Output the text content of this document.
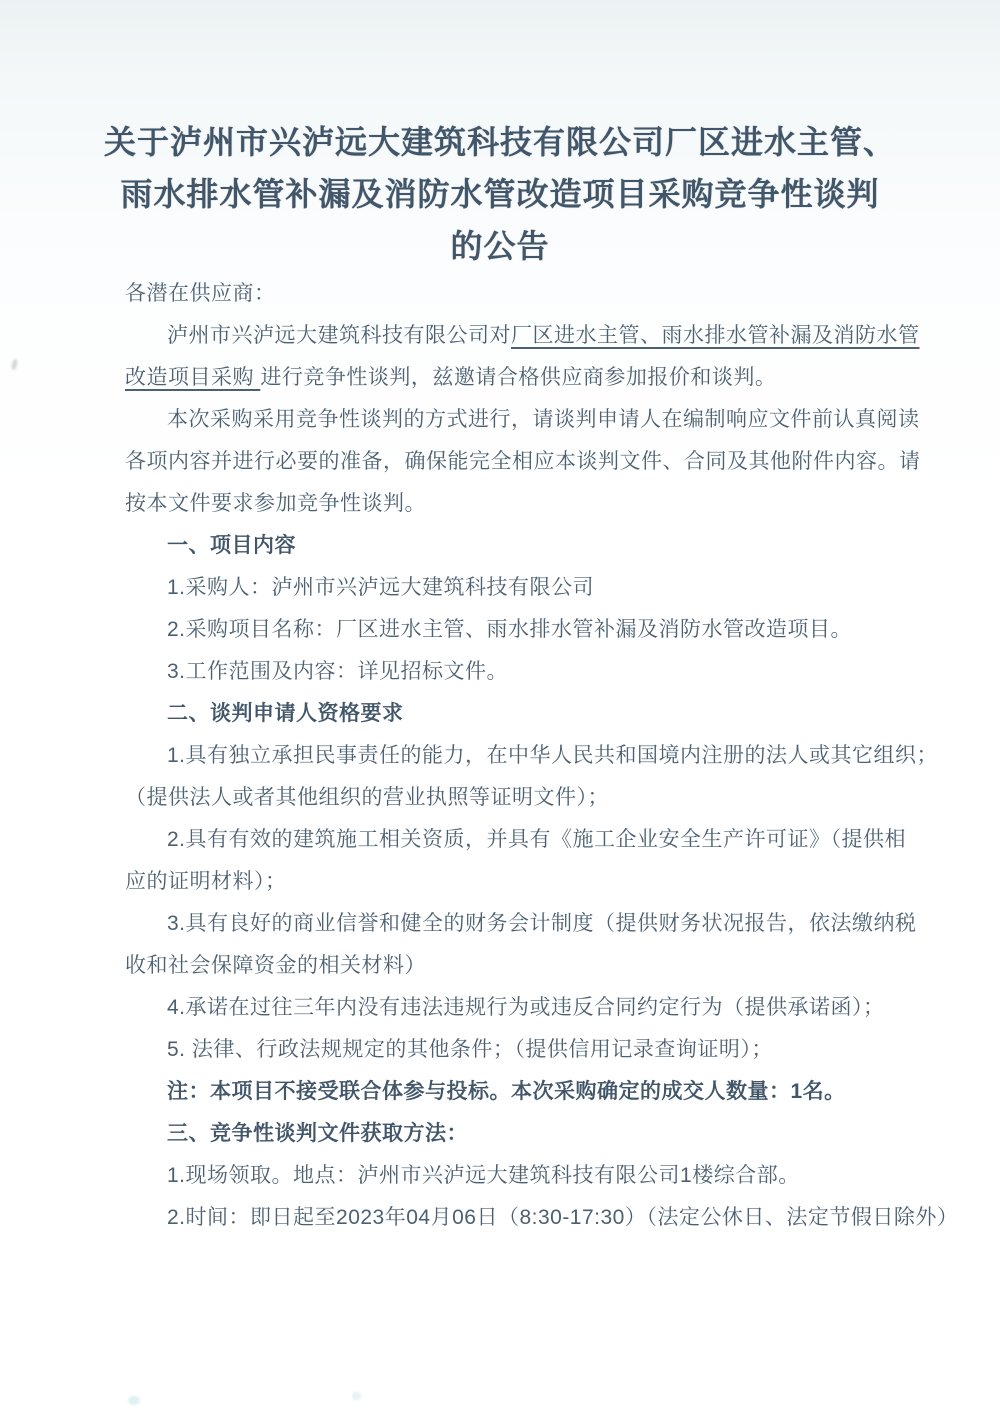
关于泸州市兴泸远大建筑科技有限公司厂区进水主管、
雨水排水管补漏及消防水管改造项目采购竞争性谈判
的公告
各潜在供应商：
泸州市兴泸远大建筑科技有限公司对厂区进水主管、雨水排水管补漏及消防水管
改造项目采购 进行竞争性谈判，兹邀请合格供应商参加报价和谈判。
本次采购采用竞争性谈判的方式进行，请谈判申请人在编制响应文件前认真阅读
各项内容并进行必要的准备，确保能完全相应本谈判文件、合同及其他附件内容。请
按本文件要求参加竞争性谈判。
一、项目内容
1.采购人：泸州市兴泸远大建筑科技有限公司
2.采购项目名称：厂区进水主管、雨水排水管补漏及消防水管改造项目。
3.工作范围及内容：详见招标文件。
二、谈判申请人资格要求
1.具有独立承担民事责任的能力，在中华人民共和国境内注册的法人或其它组织；
（提供法人或者其他组织的营业执照等证明文件）；
2.具有有效的建筑施工相关资质，并具有《施工企业安全生产许可证》（提供相
应的证明材料）；
3.具有良好的商业信誉和健全的财务会计制度（提供财务状况报告，依法缴纳税
收和社会保障资金的相关材料）
4.承诺在过往三年内没有违法违规行为或违反合同约定行为（提供承诺函）；
5. 法律、行政法规规定的其他条件；（提供信用记录查询证明）；
注：本项目不接受联合体参与投标。本次采购确定的成交人数量：1名。
三、竞争性谈判文件获取方法：
1.现场领取。地点：泸州市兴泸远大建筑科技有限公司1楼综合部。
2.时间：即日起至2023年04月06日（8:30-17:30）（法定公休日、法定节假日除外）
